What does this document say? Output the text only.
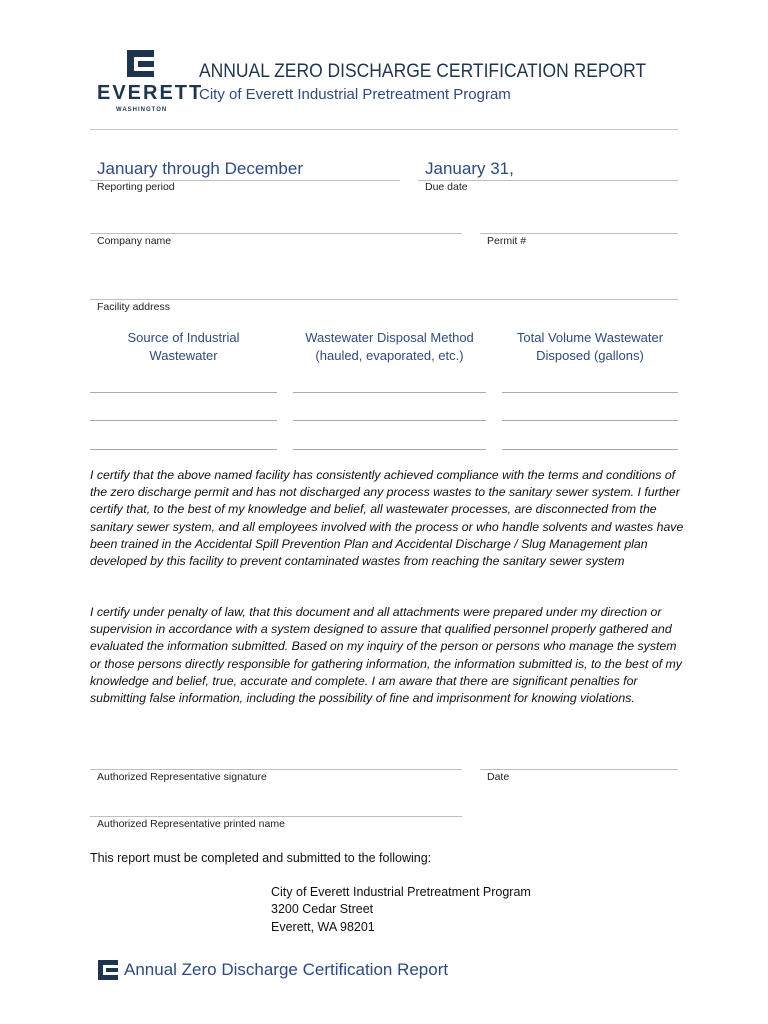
EVERETT
WASHINGTON
ANNUAL ZERO DISCHARGE CERTIFICATION REPORT
City of Everett Industrial Pretreatment Program
January through December
Reporting period
January 31,
Due date
Company name	Permit #
Facility address
Source of Industrial
Wastewater
Wastewater Disposal Method
(hauled, evaporated, etc.)
Total Volume Wastewater
Disposed (gallons)
I certify that the above named facility has consistently achieved compliance with the terms and conditions of the zero discharge permit and has not discharged any process wastes to the sanitary sewer system. I further certify that, to the best of my knowledge and belief, all wastewater processes, are disconnected from the sanitary sewer system, and all employees involved with the process or who handle solvents and wastes have been trained in the Accidental Spill Prevention Plan and Accidental Discharge / Slug Management plan developed by this facility to prevent contaminated wastes from reaching the sanitary sewer system
I certify under penalty of law, that this document and all attachments were prepared under my direction or supervision in accordance with a system designed to assure that qualified personnel properly gathered and evaluated the information submitted. Based on my inquiry of the person or persons who manage the system or those persons directly responsible for gathering information, the information submitted is, to the best of my knowledge and belief, true, accurate and complete. I am aware that there are significant penalties for submitting false information, including the possibility of fine and imprisonment for knowing violations.
Authorized Representative signature	Date
Authorized Representative printed name
This report must be completed and submitted to the following:
City of Everett Industrial Pretreatment Program
3200 Cedar Street
Everett, WA 98201
Annual Zero Discharge Certification Report
